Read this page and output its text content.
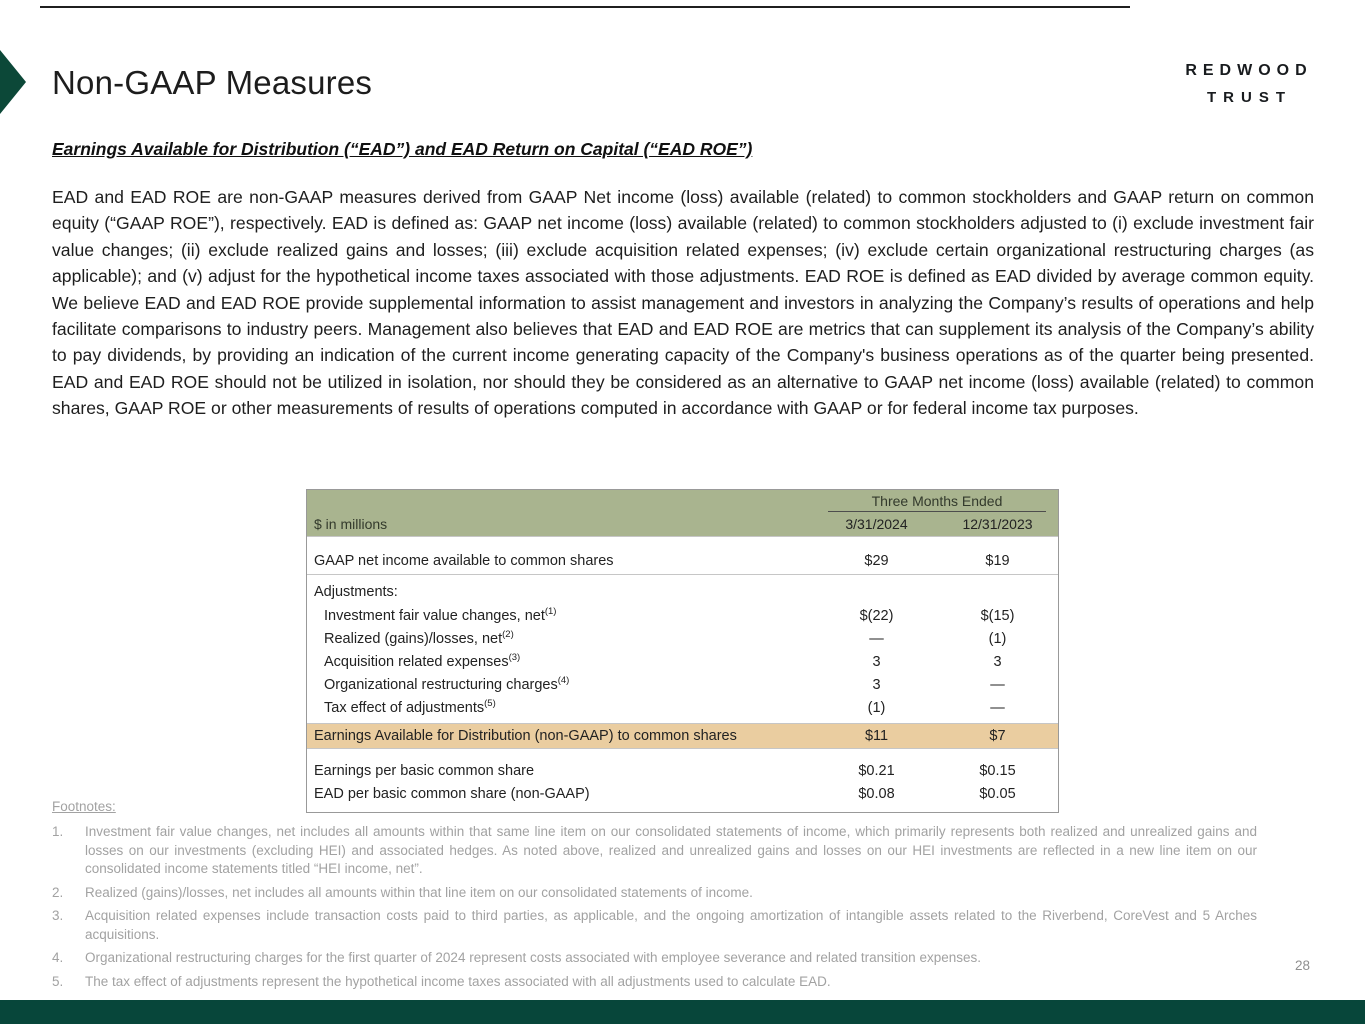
Non-GAAP Measures	REDWOOD
TRUST
Earnings Available for Distribution (“EAD”) and EAD Return on Capital (“EAD ROE”)
EAD and EAD ROE are non-GAAP measures derived from GAAP Net income (loss) available (related) to common stockholders and GAAP return on common equity (“GAAP ROE”), respectively. EAD is defined as: GAAP net income (loss) available (related) to common stockholders adjusted to (i) exclude investment fair value changes; (ii) exclude realized gains and losses; (iii) exclude acquisition related expenses; (iv) exclude certain organizational restructuring charges (as applicable); and (v) adjust for the hypothetical income taxes associated with those adjustments. EAD ROE is defined as EAD divided by average common equity. We believe EAD and EAD ROE provide supplemental information to assist management and investors in analyzing the Company’s results of operations and help facilitate comparisons to industry peers. Management also believes that EAD and EAD ROE are metrics that can supplement its analysis of the Company’s ability to pay dividends, by providing an indication of the current income generating capacity of the Company's business operations as of the quarter being presented. EAD and EAD ROE should not be utilized in isolation, nor should they be considered as an alternative to GAAP net income (loss) available (related) to common shares, GAAP ROE or other measurements of results of operations computed in accordance with GAAP or for federal income tax purposes.
Three Months Ended
$ in millions	3/31/2024	12/31/2023
GAAP net income available to common shares	$29	$19
Adjustments:
Investment fair value changes, net$^{(1)}$	$(22)	$(15)
Realized (gains)/losses, net$^{(2)}$	—	(1)
Acquisition related expenses$^{(3)}$	3	3
Organizational restructuring charges$^{(4)}$	3	—
Tax effect of adjustments$^{(5)}$	(1)	—
Earnings Available for Distribution (non-GAAP) to common shares	$11	$7
Earnings per basic common share	$0.21	$0.15
EAD per basic common share (non-GAAP)	$0.08	$0.05
Footnotes:
1.	Investment fair value changes, net includes all amounts within that same line item on our consolidated statements of income, which primarily represents both realized and unrealized gains and losses on our investments (excluding HEI) and associated hedges. As noted above, realized and unrealized gains and losses on our HEI investments are reflected in a new line item on our consolidated income statements titled “HEI income, net”.
2.	Realized (gains)/losses, net includes all amounts within that line item on our consolidated statements of income.
3.	Acquisition related expenses include transaction costs paid to third parties, as applicable, and the ongoing amortization of intangible assets related to the Riverbend, CoreVest and 5 Arches acquisitions.
4.	Organizational restructuring charges for the first quarter of 2024 represent costs associated with employee severance and related transition expenses.
5.	The tax effect of adjustments represent the hypothetical income taxes associated with all adjustments used to calculate EAD.
28
